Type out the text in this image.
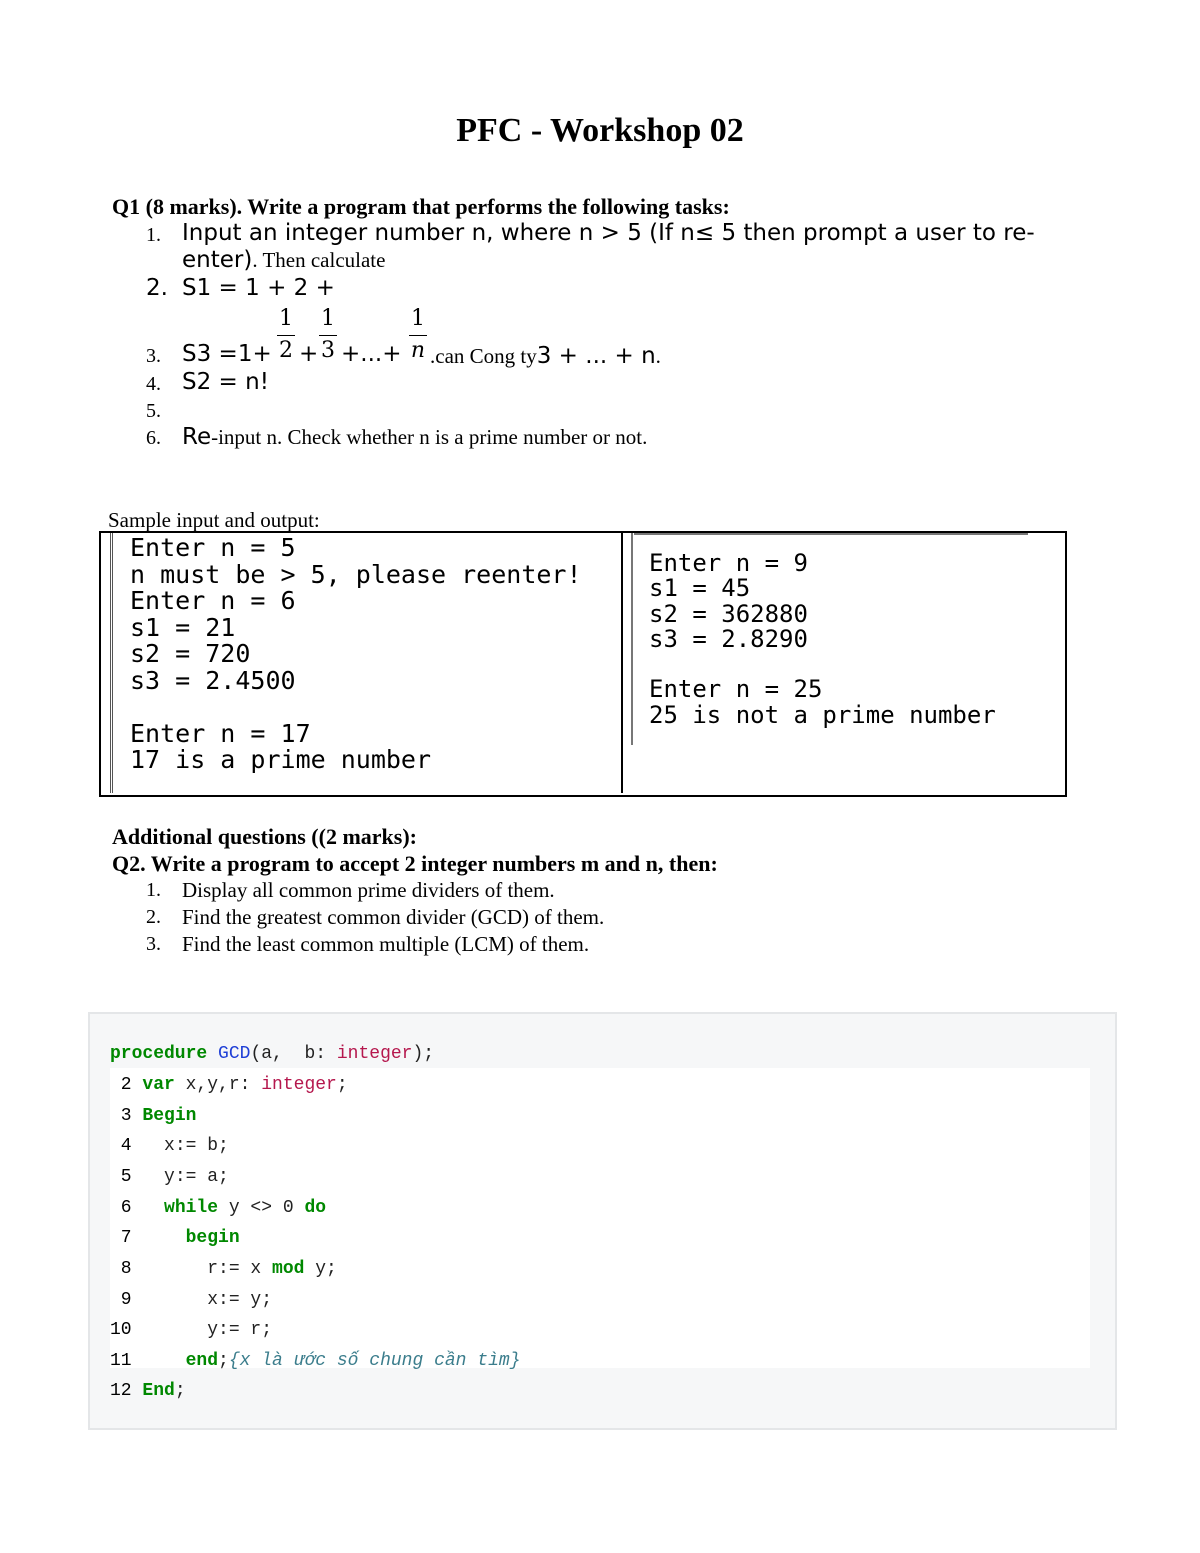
PFC - Workshop 02
Q1 (8 marks). Write a program that performs the following tasks:
1. Input an integer number n, where n > 5 (If n≤ 5 then prompt a user to re-
enter). Then calculate
2. S1 = 1 + 2 +
1
2
1
3
1
n
3. S3 =1+ + +...+ .can Cong ty3 + ... + n.
4. S2 = n!
5.
6. Re-input n. Check whether n is a prime number or not.
Sample input and output:
Enter n = 5
n must be > 5, please reenter!
Enter n = 6
s1 = 21
s2 = 720
s3 = 2.4500
Enter n = 17
17 is a prime number
Enter n = 9
s1 = 45
s2 = 362880
s3 = 2.8290
Enter n = 25
25 is not a prime number
Additional questions ((2 marks):
Q2. Write a program to accept 2 integer numbers m and n, then:
1. Display all common prime dividers of them.
2. Find the greatest common divider (GCD) of them.
3. Find the least common multiple (LCM) of them.
procedure GCD(a,  b: integer);
2 var x,y,r: integer;
3 Begin
4   x:= b;
5   y:= a;
6 while y <> 0 do
7	begin
8       r:= x mod y;
9       x:= y;
10       y:= r;
11	end;{x là ước số chung cần tìm}
12 End;
